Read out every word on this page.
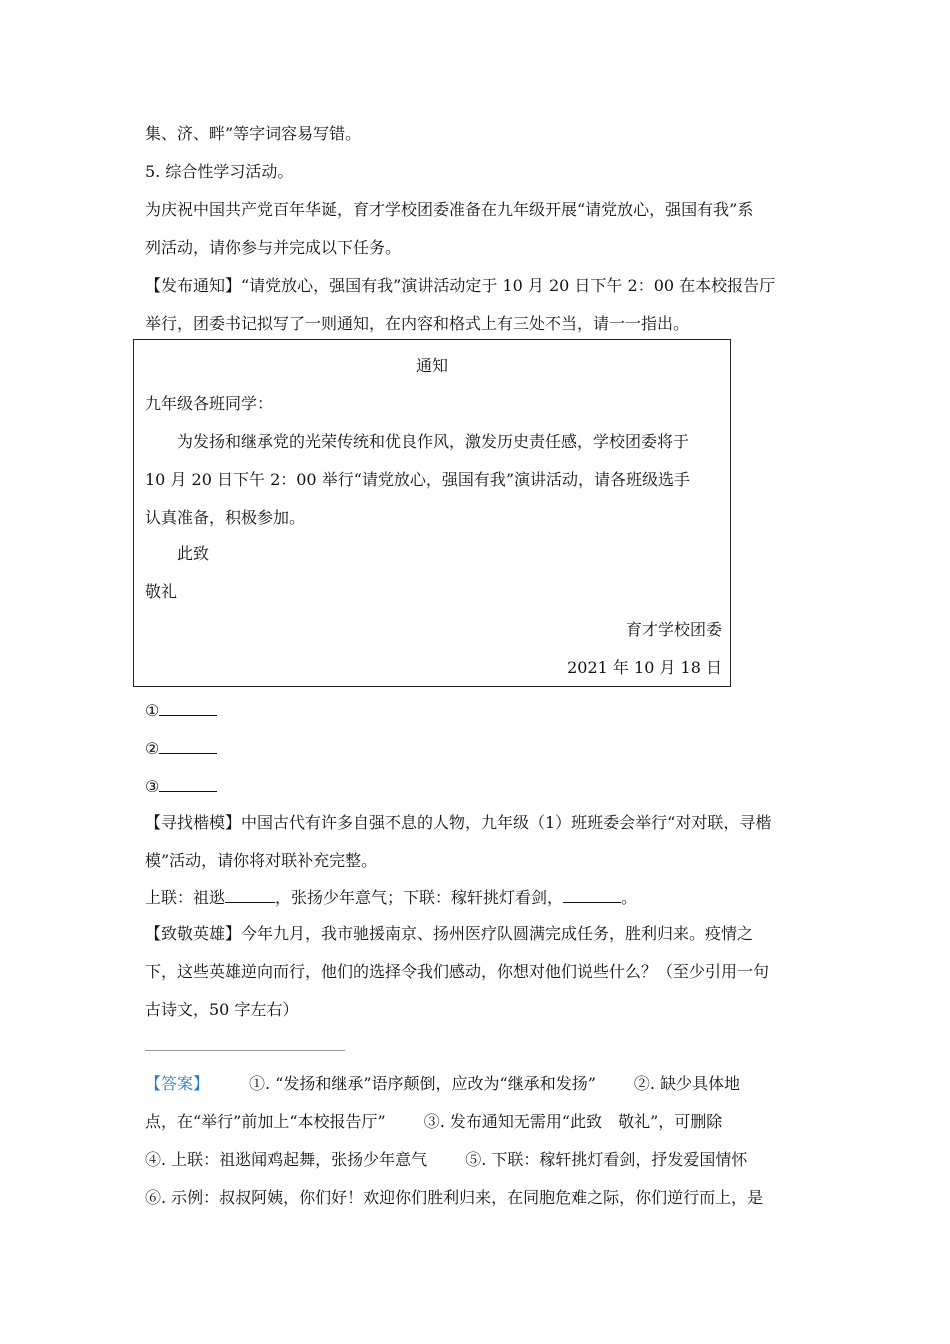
集、济、畔”等字词容易写错。
5. 综合性学习活动。
为庆祝中国共产党百年华诞，育才学校团委准备在九年级开展“请党放心，强国有我”系
列活动，请你参与并完成以下任务。
【发布通知】“请党放心，强国有我”演讲活动定于 10 月 20 日下午 2：00 在本校报告厅
举行，团委书记拟写了一则通知，在内容和格式上有三处不当，请一一指出。
通知
九年级各班同学：
为发扬和继承党的光荣传统和优良作风，激发历史责任感，学校团委将于
10 月 20 日下午 2：00 举行“请党放心，强国有我”演讲活动，请各班级选手
认真准备，积极参加。
此致
敬礼
育才学校团委
2021 年 10 月 18 日
①
②
③
【寻找楷模】中国古代有许多自强不息的人物，九年级（1）班班委会举行“对对联，寻楷
模”活动，请你将对联补充完整。
上联：祖逖	，张扬少年意气；下联：稼轩挑灯看剑，	。
【致敬英雄】今年九月，我市驰援南京、扬州医疗队圆满完成任务，胜利归来。疫情之
下，这些英雄逆向而行，他们的选择令我们感动，你想对他们说些什么？（至少引用一句
古诗文，50 字左右）
【答案】	①. “发扬和继承”语序颠倒，应改为“继承和发扬” ②. 缺少具体地
点，在“举行”前加上“本校报告厅” ③. 发布通知无需用“此致　敬礼”，可删除
④. 上联：祖逖闻鸡起舞，张扬少年意气 ⑤. 下联：稼轩挑灯看剑，抒发爱国情怀
⑥. 示例：叔叔阿姨，你们好！欢迎你们胜利归来，在同胞危难之际，你们逆行而上，是
